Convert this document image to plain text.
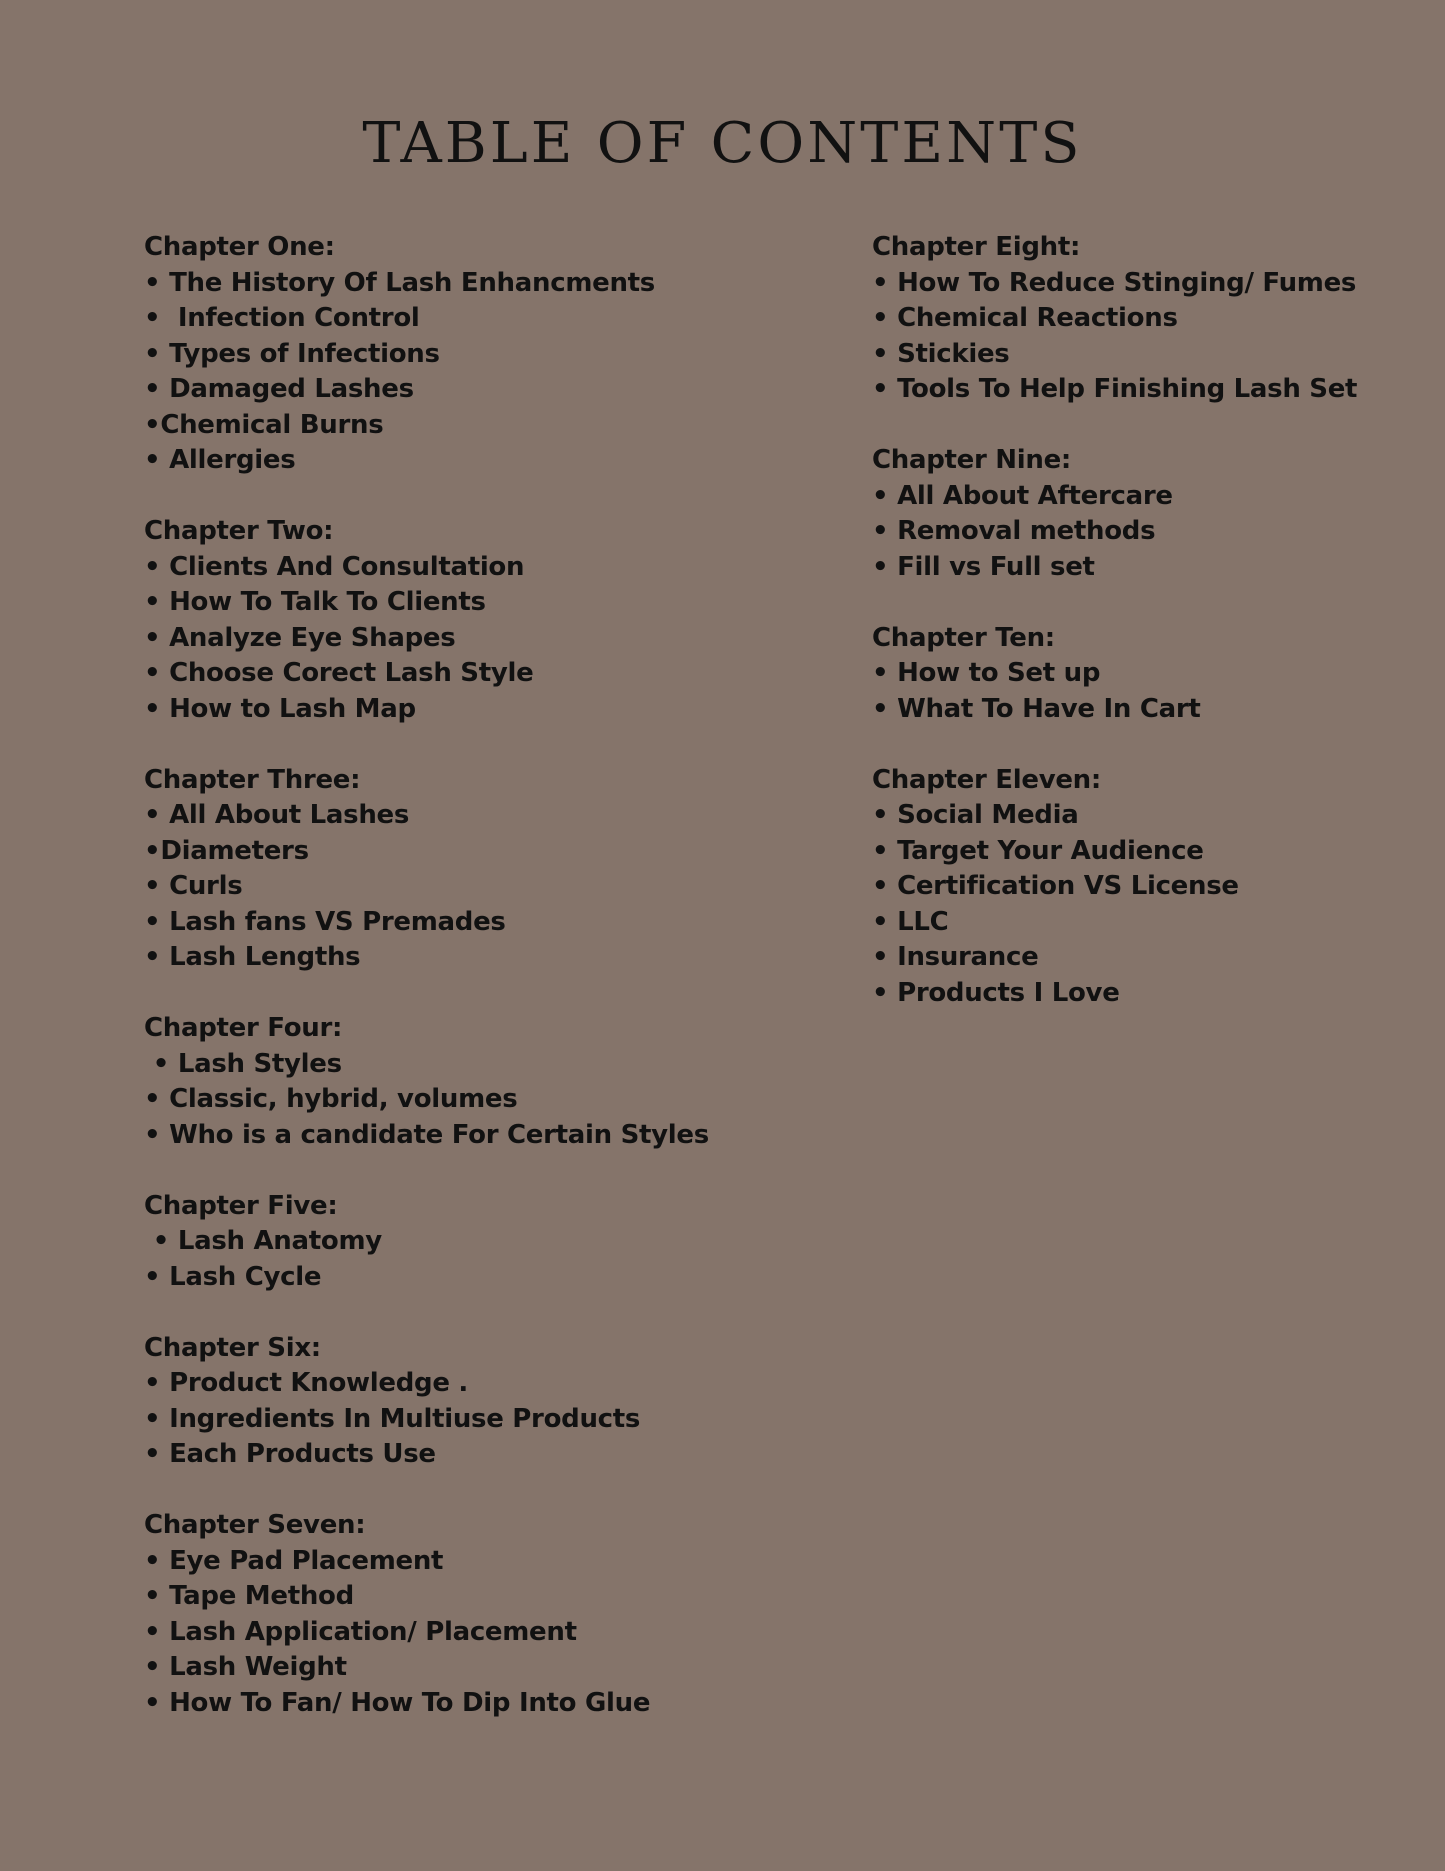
TABLE OF CONTENTS
Chapter One:
• The History Of Lash Enhancments
•  Infection Control
• Types of Infections
• Damaged Lashes
•Chemical Burns
• Allergies
Chapter Two:
• Clients And Consultation
• How To Talk To Clients
• Analyze Eye Shapes
• Choose Corect Lash Style
• How to Lash Map
Chapter Three:
• All About Lashes
•Diameters
• Curls
• Lash fans VS Premades
• Lash Lengths
Chapter Four:
• Lash Styles
• Classic, hybrid, volumes
• Who is a candidate For Certain Styles
Chapter Five:
• Lash Anatomy
• Lash Cycle
Chapter Six:
• Product Knowledge .
• Ingredients In Multiuse Products
• Each Products Use
Chapter Seven:
• Eye Pad Placement
• Tape Method
• Lash Application/ Placement
• Lash Weight
• How To Fan/ How To Dip Into Glue
Chapter Eight:
• How To Reduce Stinging/ Fumes
• Chemical Reactions
• Stickies
• Tools To Help Finishing Lash Set
Chapter Nine:
• All About Aftercare
• Removal methods
• Fill vs Full set
Chapter Ten:
• How to Set up
• What To Have In Cart
Chapter Eleven:
• Social Media
• Target Your Audience
• Certification VS License
• LLC
• Insurance
• Products I Love
